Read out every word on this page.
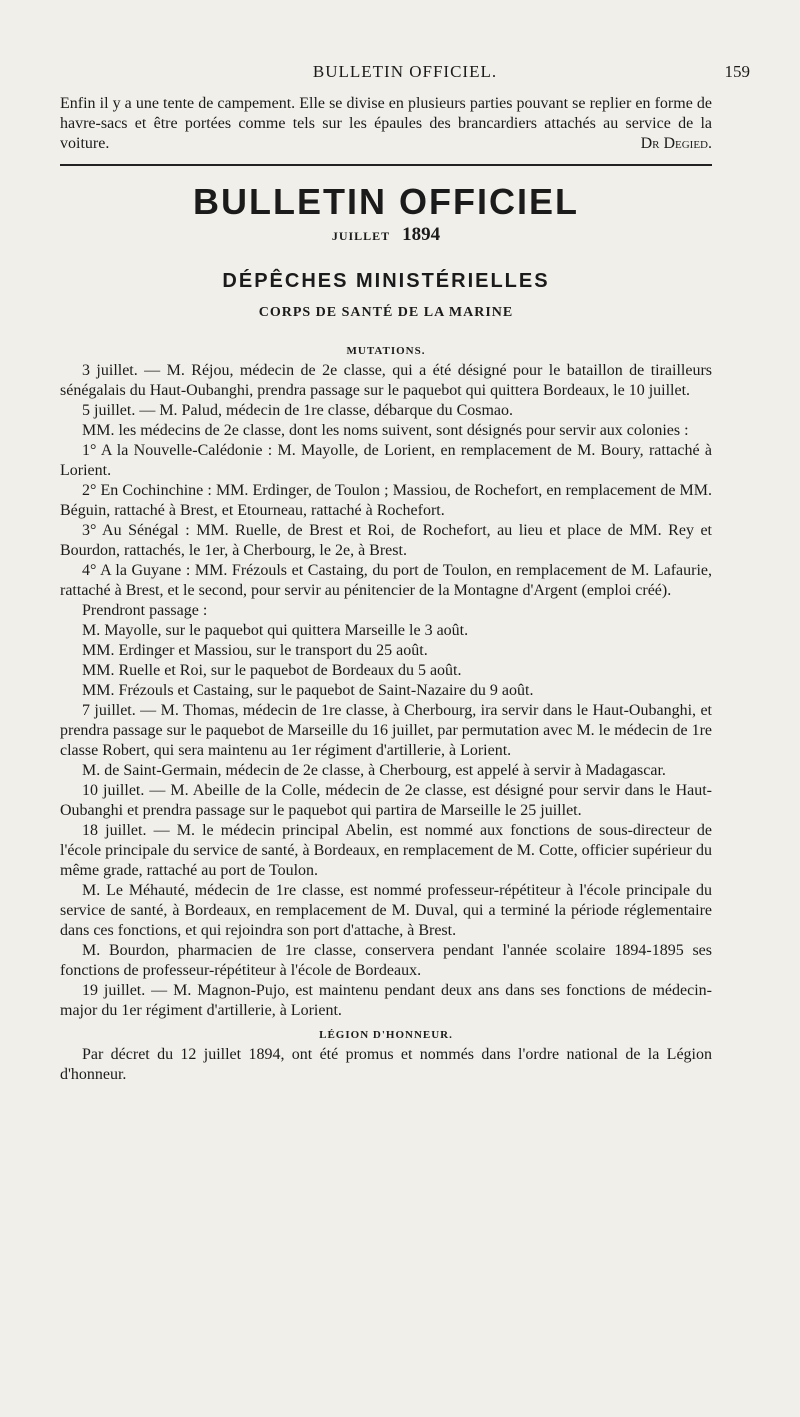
BULLETIN OFFICIEL.	159

Enfin il y a une tente de campement. Elle se divise en plusieurs parties pouvant se replier en forme de havre-sacs et être portées comme tels sur les épaules des brancardiers attachés au service de la voiture.	Dr Degied.

BULLETIN OFFICIEL
JUILLET 1894
DÉPÊCHES MINISTÉRIELLES
CORPS DE SANTÉ DE LA MARINE
MUTATIONS.

3 juillet. — M. Réjou, médecin de 2e classe, qui a été désigné pour le bataillon de tirailleurs sénégalais du Haut-Oubanghi, prendra passage sur le paquebot qui quittera Bordeaux, le 10 juillet.

5 juillet. — M. Palud, médecin de 1re classe, débarque du Cosmao.

MM. les médecins de 2e classe, dont les noms suivent, sont désignés pour servir aux colonies :

1° A la Nouvelle-Calédonie : M. Mayolle, de Lorient, en remplacement de M. Boury, rattaché à Lorient.

2° En Cochinchine : MM. Erdinger, de Toulon ; Massiou, de Rochefort, en remplacement de MM. Béguin, rattaché à Brest, et Etourneau, rattaché à Rochefort.

3° Au Sénégal : MM. Ruelle, de Brest et Roi, de Rochefort, au lieu et place de MM. Rey et Bourdon, rattachés, le 1er, à Cherbourg, le 2e, à Brest.

4° A la Guyane : MM. Frézouls et Castaing, du port de Toulon, en remplacement de M. Lafaurie, rattaché à Brest, et le second, pour servir au pénitencier de la Montagne d'Argent (emploi créé).

Prendront passage :

M. Mayolle, sur le paquebot qui quittera Marseille le 3 août.

MM. Erdinger et Massiou, sur le transport du 25 août.

MM. Ruelle et Roi, sur le paquebot de Bordeaux du 5 août.

MM. Frézouls et Castaing, sur le paquebot de Saint-Nazaire du 9 août.

7 juillet. — M. Thomas, médecin de 1re classe, à Cherbourg, ira servir dans le Haut-Oubanghi, et prendra passage sur le paquebot de Marseille du 16 juillet, par permutation avec M. le médecin de 1re classe Robert, qui sera maintenu au 1er régiment d'artillerie, à Lorient.

M. de Saint-Germain, médecin de 2e classe, à Cherbourg, est appelé à servir à Madagascar.

10 juillet. — M. Abeille de la Colle, médecin de 2e classe, est désigné pour servir dans le Haut-Oubanghi et prendra passage sur le paquebot qui partira de Marseille le 25 juillet.

18 juillet. — M. le médecin principal Abelin, est nommé aux fonctions de sous-directeur de l'école principale du service de santé, à Bordeaux, en remplacement de M. Cotte, officier supérieur du même grade, rattaché au port de Toulon.

M. Le Méhauté, médecin de 1re classe, est nommé professeur-répétiteur à l'école principale du service de santé, à Bordeaux, en remplacement de M. Duval, qui a terminé la période réglementaire dans ces fonctions, et qui rejoindra son port d'attache, à Brest.

M. Bourdon, pharmacien de 1re classe, conservera pendant l'année scolaire 1894-1895 ses fonctions de professeur-répétiteur à l'école de Bordeaux.

19 juillet. — M. Magnon-Pujo, est maintenu pendant deux ans dans ses fonctions de médecin-major du 1er régiment d'artillerie, à Lorient.

LÉGION D'HONNEUR.

Par décret du 12 juillet 1894, ont été promus et nommés dans l'ordre national de la Légion d'honneur.
